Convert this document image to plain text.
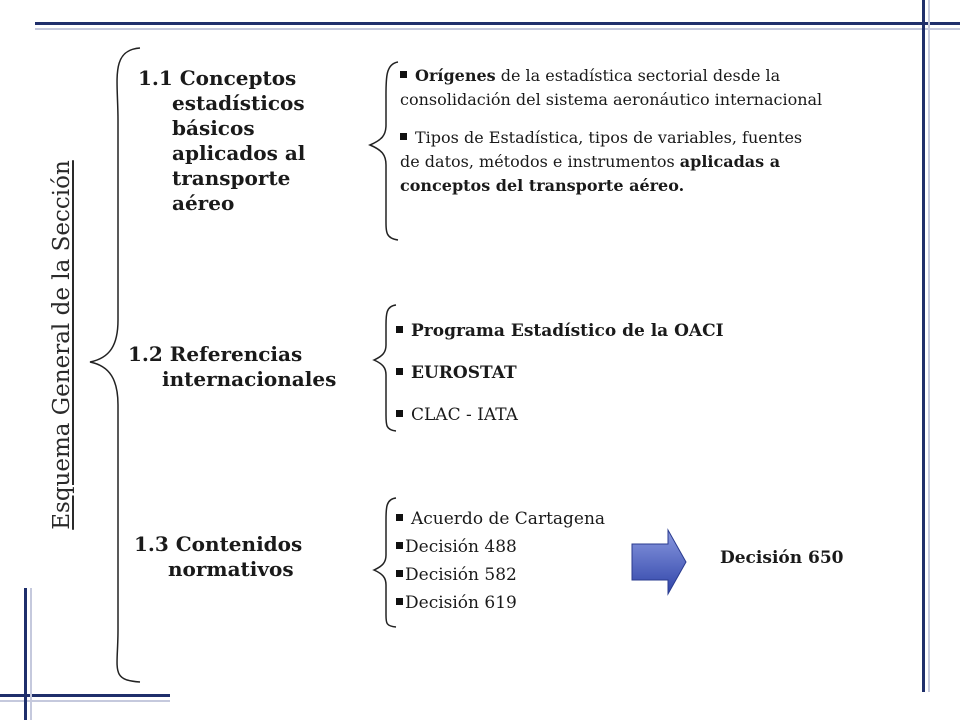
Esquema General de la Sección
1.1 Conceptos
estadísticos
básicos
aplicados al
transporte
aéreo
Orígenes de la estadística sectorial desde la
consolidación del sistema aeronáutico internacional
Tipos de Estadística, tipos de variables, fuentes
de datos, métodos e instrumentos aplicadas a
conceptos del transporte aéreo.
1.2 Referencias
internacionales
Programa Estadístico de la OACI
EUROSTAT
CLAC - IATA
1.3 Contenidos
normativos
Acuerdo de Cartagena
Decisión 488
Decisión 582
Decisión 619
Decisión 650
